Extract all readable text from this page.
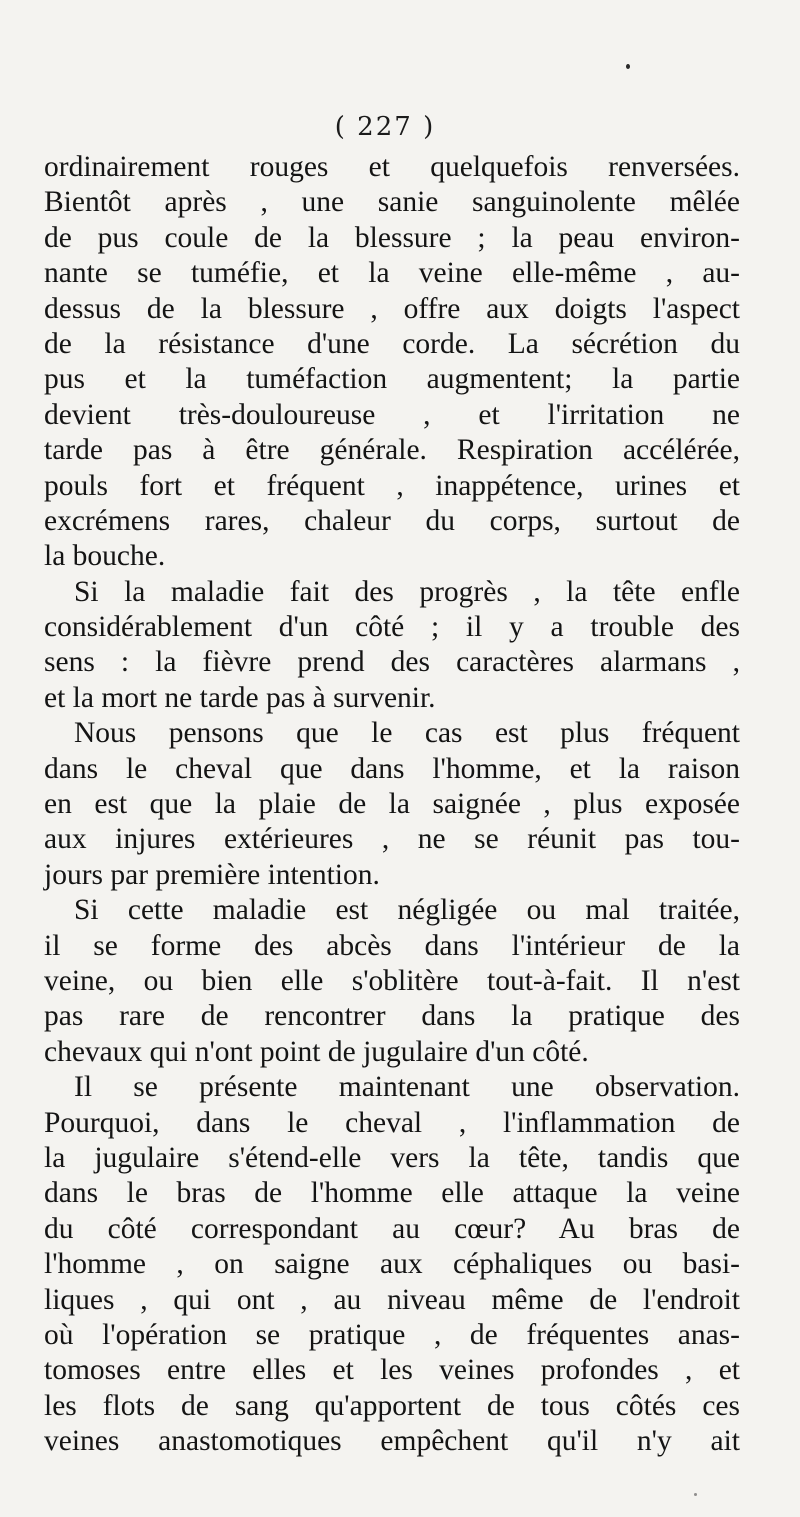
( 227 )
ordinairement rouges et quelquefois renversées.
Bientôt après , une sanie sanguinolente mêlée
de pus coule de la blessure ; la peau environ-
nante se tuméfie, et la veine elle-même , au-
dessus de la blessure , offre aux doigts l'aspect
de la résistance d'une corde. La sécrétion du
pus et la tuméfaction augmentent; la partie
devient très-douloureuse , et l'irritation ne
tarde pas à être générale. Respiration accélérée,
pouls fort et fréquent , inappétence, urines et
excrémens rares, chaleur du corps, surtout de
la bouche.
Si la maladie fait des progrès , la tête enfle
considérablement d'un côté ; il y a trouble des
sens : la fièvre prend des caractères alarmans ,
et la mort ne tarde pas à survenir.
Nous pensons que le cas est plus fréquent
dans le cheval que dans l'homme, et la raison
en est que la plaie de la saignée , plus exposée
aux injures extérieures , ne se réunit pas tou-
jours par première intention.
Si cette maladie est négligée ou mal traitée,
il se forme des abcès dans l'intérieur de la
veine, ou bien elle s'oblitère tout-à-fait. Il n'est
pas rare de rencontrer dans la pratique des
chevaux qui n'ont point de jugulaire d'un côté.
Il se présente maintenant une observation.
Pourquoi, dans le cheval , l'inflammation de
la jugulaire s'étend-elle vers la tête, tandis que
dans le bras de l'homme elle attaque la veine
du côté correspondant au cœur? Au bras de
l'homme , on saigne aux céphaliques ou basi-
liques , qui ont , au niveau même de l'endroit
où l'opération se pratique , de fréquentes anas-
tomoses entre elles et les veines profondes , et
les flots de sang qu'apportent de tous côtés ces
veines anastomotiques empêchent qu'il n'y ait
